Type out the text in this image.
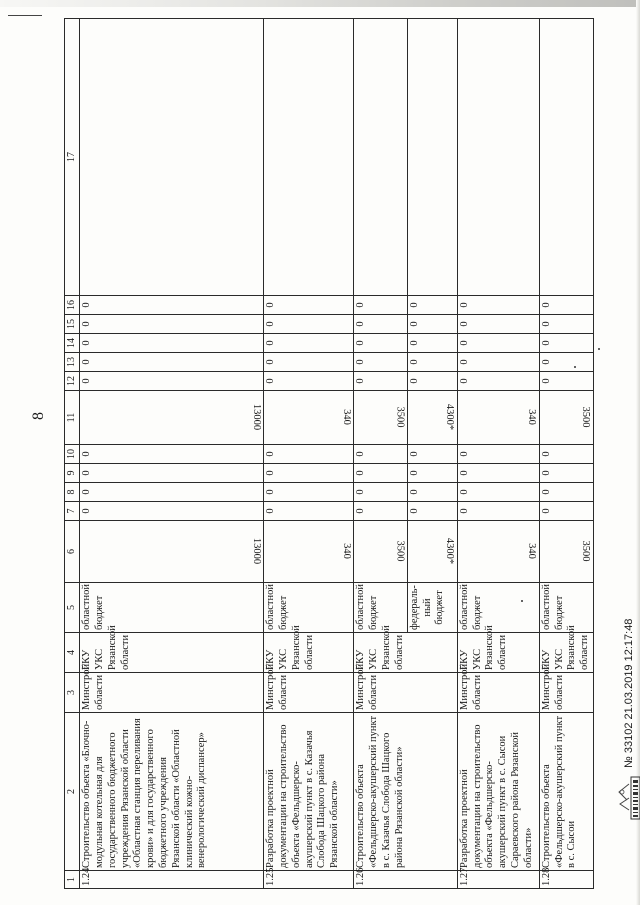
8
1	2	3	4	5	6	7	8	9	10	11	12	13	14	15	16	17
1.24	Строительство объекта «Блочно-модульная котельная для государственного бюджетного учреждения Рязанской области «Областная станция переливания крови» и для государственного бюджетного учреждения Рязанской области «Областной клинический кожно-венерологический диспансер»	Минстрой области	ГКУ УКС Рязанской области	областной бюджет	13000	0	0	0	0	13000	0	0	0	0	0	
1.25	Разработка проектной документации на строительство объекта «Фельдшерско-акушерский пункт в с. Казачья Слобода Шацкого района Рязанской области»	Минстрой области	ГКУ УКС Рязанской области	областной бюджет	340	0	0	0	0	340	0	0	0	0	0	
1.26	Строительство объекта «Фельдшерско-акушерский пункт в с. Казачья Слобода Шацкого района Рязанской области»	Минстрой области	ГКУ УКС Рязанской области	областной бюджет	3500	0	0	0	0	3500	0	0	0	0	0	
				федераль-ный бюджет	4300*	0	0	0	0	4300*	0	0	0	0	0	
1.27	Разработка проектной документации на строительство объекта «Фельдшерско-акушерский пункт в с. Сысои Сараевского района Рязанской области»	Минстрой области	ГКУ УКС Рязанской области	областной бюджет	340	0	0	0	0	340	0	0	0	0	0	
1.28	Строительство объекта «Фельдшерско-акушерский пункт в с. Сысои	Минстрой области	ГКУ УКС Рязанской области	областной бюджет	3500	0	0	0	0	3500	0	0	0	0	0	
№ 33102 21.03.2019 12:17:48
